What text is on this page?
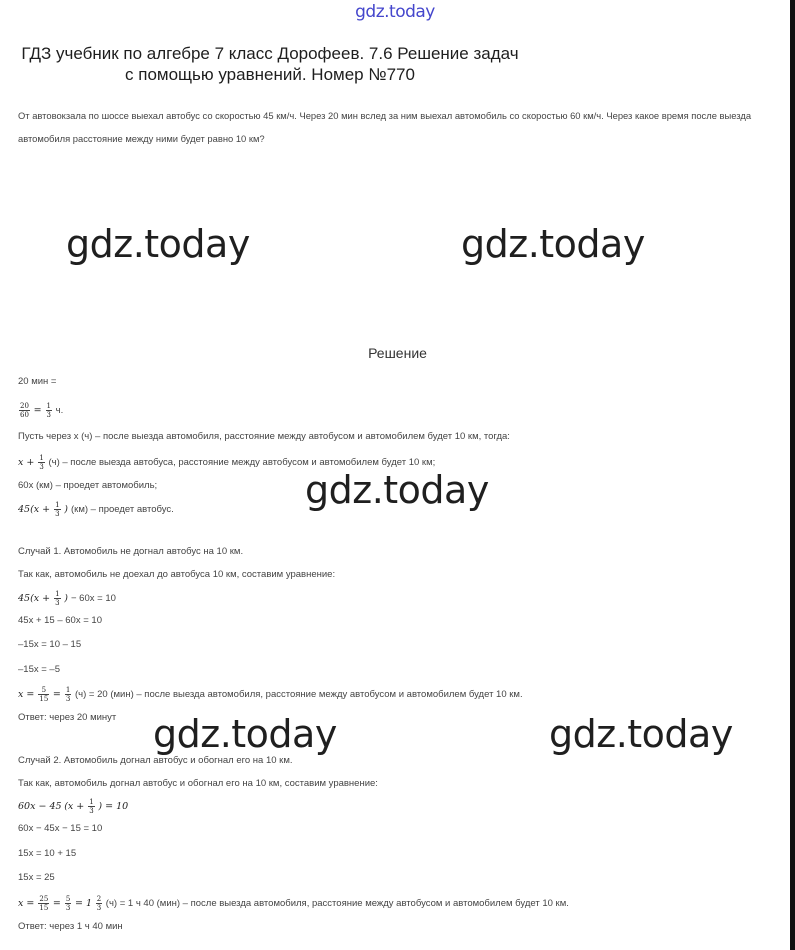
gdz.today
ГДЗ учебник по алгебре 7 класс Дорофеев. 7.6 Решение задач
с помощью уравнений. Номер №770
От автовокзала по шоссе выехал автобус со скоростью 45 км/ч. Через 20 мин вслед за ним выехал автомобиль со скоростью 60 км/ч. Через какое время после выезда автомобиля расстояние между ними будет равно 10 км?
gdz.today	gdz.today
Решение
20 мин =
$\frac{20}{60} = \frac{1}{3} ч$.
Пусть через x (ч) – после выезда автомобиля, расстояние между автобусом и автомобилем будет 10 км, тогда:
$x + \frac{1}{3} (ч)$ – после выезда автобуса, расстояние между автобусом и автомобилем будет 10 км;
60x (км) – проедет автомобиль;
$45(x + \frac{1}{3}$ ) (км) – проедет автобус.	gdz.today
Случай 1. Автомобиль не догнал автобус на 10 км.
Так как, автомобиль не доехал до автобуса 10 км, составим уравнение:
$45(x + \frac{1}{3}$ ) − 60x = 10
45x + 15 – 60x = 10
–15x = 10 – 15
–15x = –5
$x = \frac{5}{15} = \frac{1}{3} (ч) = 20$ (мин) – после выезда автомобиля, расстояние между автобусом и автомобилем будет 10 км.
Ответ: через 20 минут gdz.today	gdz.today
Случай 2. Автомобиль догнал автобус и обогнал его на 10 км.
Так как, автомобиль догнал автобус и обогнал его на 10 км, составим уравнение:
60x − 45 ($x + \frac{1}{3}$ ) = 10
60x − 45x − 15 = 10
15x = 10 + 15
15x = 25
$x = \frac{25}{15} = \frac{5}{3} = 1 \frac{2}{3} (ч) = 1$ ч 40 (мин) – после выезда автомобиля, расстояние между автобусом и автомобилем будет 10 км.
Ответ: через 1 ч 40 мин
